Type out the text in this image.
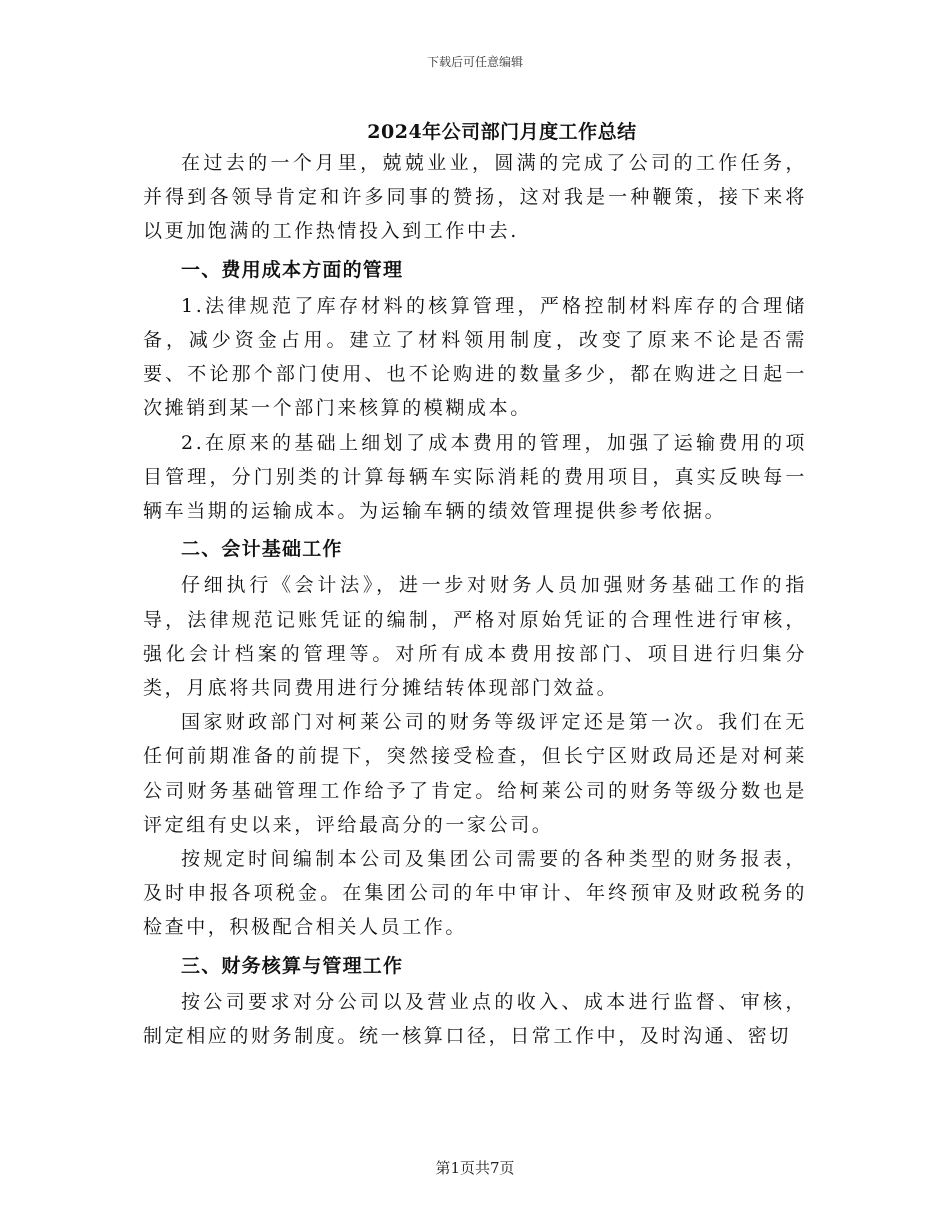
下载后可任意编辑
2024年公司部门月度工作总结

在过去的一个月里，兢兢业业，圆满的完成了公司的工作任务，并得到各领导肯定和许多同事的赞扬，这对我是一种鞭策，接下来将以更加饱满的工作热情投入到工作中去.

一、费用成本方面的管理

1.法律规范了库存材料的核算管理，严格控制材料库存的合理储备，减少资金占用。建立了材料领用制度，改变了原来不论是否需要、不论那个部门使用、也不论购进的数量多少，都在购进之日起一次摊销到某一个部门来核算的模糊成本。

2.在原来的基础上细划了成本费用的管理，加强了运输费用的项目管理，分门别类的计算每辆车实际消耗的费用项目，真实反映每一辆车当期的运输成本。为运输车辆的绩效管理提供参考依据。

二、会计基础工作

仔细执行《会计法》，进一步对财务人员加强财务基础工作的指导，法律规范记账凭证的编制，严格对原始凭证的合理性进行审核，强化会计档案的管理等。对所有成本费用按部门、项目进行归集分类，月底将共同费用进行分摊结转体现部门效益。

国家财政部门对柯莱公司的财务等级评定还是第一次。我们在无任何前期准备的前提下，突然接受检查，但长宁区财政局还是对柯莱公司财务基础管理工作给予了肯定。给柯莱公司的财务等级分数也是评定组有史以来，评给最高分的一家公司。

按规定时间编制本公司及集团公司需要的各种类型的财务报表，及时申报各项税金。在集团公司的年中审计、年终预审及财政税务的检查中，积极配合相关人员工作。

三、财务核算与管理工作

按公司要求对分公司以及营业点的收入、成本进行监督、审核，制定相应的财务制度。统一核算口径，日常工作中，及时沟通、密切

第1页共7页
